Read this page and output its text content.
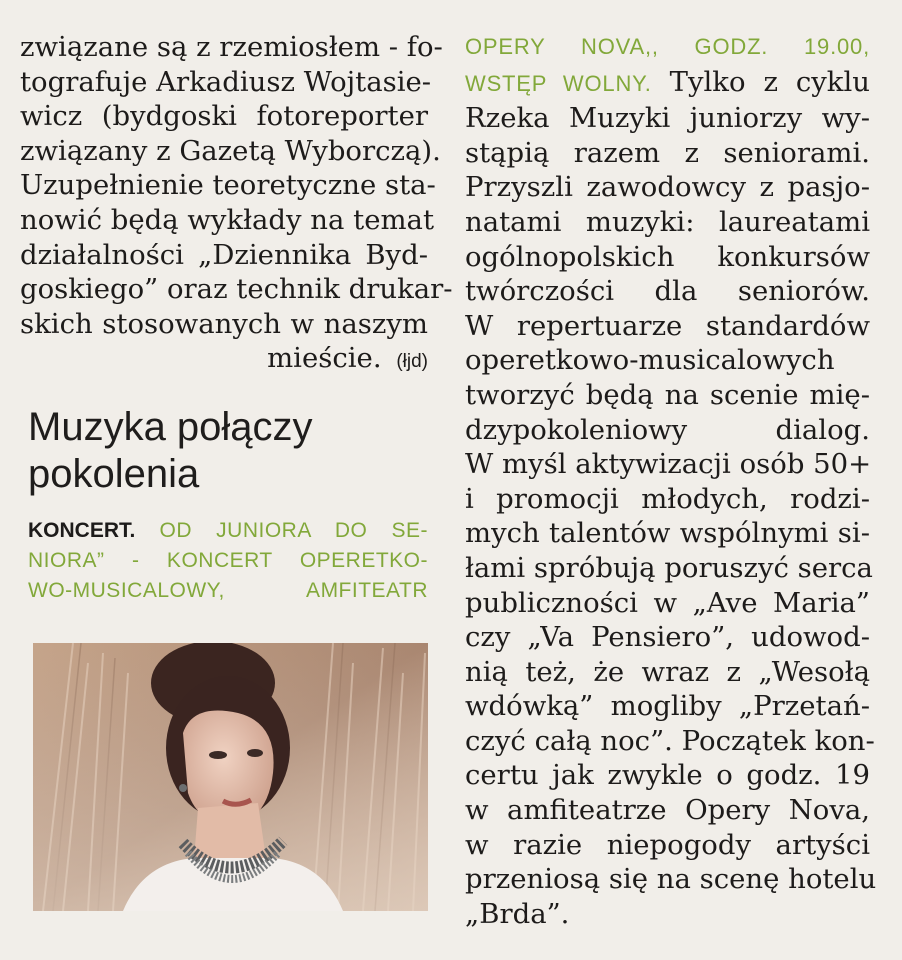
związane są z rzemiosłem - fo-
tografuje Arkadiusz Wojtasie-
wicz (bydgoski fotoreporter
związany z Gazetą Wyborczą).
Uzupełnienie teoretyczne sta-
nowić będą wykłady na temat
działalności „Dziennika Byd-
goskiego” oraz technik drukar-
skich stosowanych w naszym
mieście. (łjd)
Muzyka połączy
pokolenia
KONCERT. OD JUNIORA DO SE-
NIORA” - KONCERT OPERETKO-
WO-MUSICALOWY, AMFITEATR
OPERY NOVA,, GODZ. 19.00,
WSTĘP WOLNY. Tylko z cyklu
Rzeka Muzyki juniorzy wy-
stąpią razem z seniorami.
Przyszli zawodowcy z pasjo-
natami muzyki: laureatami
ogólnopolskich konkursów
twórczości dla seniorów.
W repertuarze standardów
operetkowo-musicalowych
tworzyć będą na scenie mię-
dzypokoleniowy dialog.
W myśl aktywizacji osób 50+
i promocji młodych, rodzi-
mych talentów wspólnymi si-
łami spróbują poruszyć serca
publiczności w „Ave Maria”
czy „Va Pensiero”, udowod-
nią też, że wraz z „Wesołą
wdówką” mogliby „Przetań-
czyć całą noc”. Początek kon-
certu jak zwykle o godz. 19
w amfiteatrze Opery Nova,
w razie niepogody artyści
przeniosą się na scenę hotelu
„Brda”.
